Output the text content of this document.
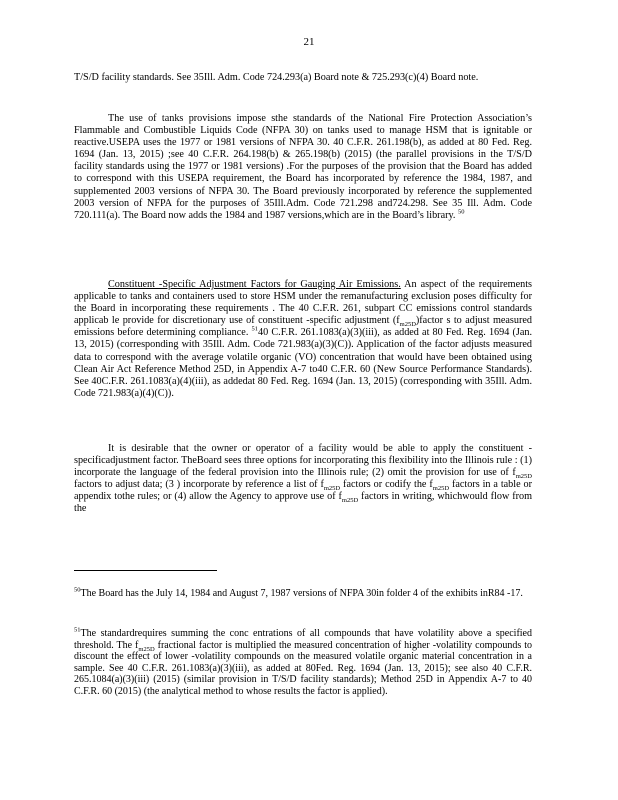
21
T/S/D facility standards. See 35Ill. Adm. Code 724.293(a) Board note & 725.293(c)(4) Board note.
The use of tanks provisions impose sthe standards of the National Fire Protection Association’s Flammable and Combustible Liquids Code (NFPA 30) on tanks used to manage HSM that is ignitable or reactive.USEPA uses the 1977 or 1981 versions of NFPA 30. 40 C.F.R. 261.198(b), as added at 80 Fed. Reg. 1694 (Jan. 13, 2015) ;see 40 C.F.R. 264.198(b) & 265.198(b) (2015) (the parallel provisions in the T/S/D facility standards using the 1977 or 1981 versions) .For the purposes of the provision that the Board has added to correspond with this USEPA requirement, the Board has incorporated by reference the 1984, 1987, and supplemented 2003 versions of NFPA 30. The Board previously incorporated by reference the supplemented 2003 version of NFPA for the purposes of 35Ill.Adm. Code 721.298 and724.298. See 35 Ill. Adm. Code 720.111(a). The Board now adds the 1984 and 1987 versions,which are in the Board’s library. $^{50}$
Constituent -Specific Adjustment Factors for Gauging Air Emissions. An aspect of the requirements applicable to tanks and containers used to store HSM under the remanufacturing exclusion poses difficulty for the Board in incorporating these requirements . The 40 C.F.R. 261, subpart CC emissions control standards applicab le provide for discretionary use of constituent -specific adjustment $(f_{m25D})factor$ s to adjust measured emissions before determining compliance. $^{51}$40 C.F.R. 261.1083(a)(3)(iii), as added at 80 Fed. Reg. 1694 (Jan. 13, 2015) (corresponding with 35Ill. Adm. Code 721.983(a)(3)(C)). Application of the factor adjusts measured data to correspond with the average volatile organic (VO) concentration that would have been obtained using Clean Air Act Reference Method 25D, in Appendix A-7 to40 C.F.R. 60 (New Source Performance Standards). See 40C.F.R. 261.1083(a)(4)(iii), as addedat 80 Fed. Reg. 1694 (Jan. 13, 2015) (corresponding with 35Ill. Adm. Code 721.983(a)(4)(C)).
It is desirable that the owner or operator of a facility would be able to apply the constituent -specificadjustment factor. TheBoard sees three options for incorporating this flexibility into the Illinois rule : (1) incorporate the language of the federal provision into the Illinois rule; (2) omit the provision for use of $f_{m25D}$ factors to adjust data; (3 ) incorporate by reference a list of $f_{m25D}$ factors or codify the $f_{m25D}$ factors in a table or appendix tothe rules; or (4) allow the Agency to approve use of $f_{m25D}$ factors in writing, whichwould flow from the
$^{50}$The Board has the July 14, 1984 and August 7, 1987 versions of NFPA 30in folder 4 of the exhibits inR84 -17.
$^{51}$The standardrequires summing the conc entrations of all compounds that have volatility above a specified threshold. The $f_{m25D}$ fractional factor is multiplied the measured concentration of higher -volatility compounds to discount the effect of lower -volatility compounds on the measured volatile organic material concentration in a sample. See 40 C.F.R. 261.1083(a)(3)(iii), as added at 80Fed. Reg. 1694 (Jan. 13, 2015); see also 40 C.F.R. 265.1084(a)(3)(iii) (2015) (similar provision in T/S/D facility standards); Method 25D in Appendix A-7 to 40 C.F.R. 60 (2015) (the analytical method to whose results the factor is applied).
